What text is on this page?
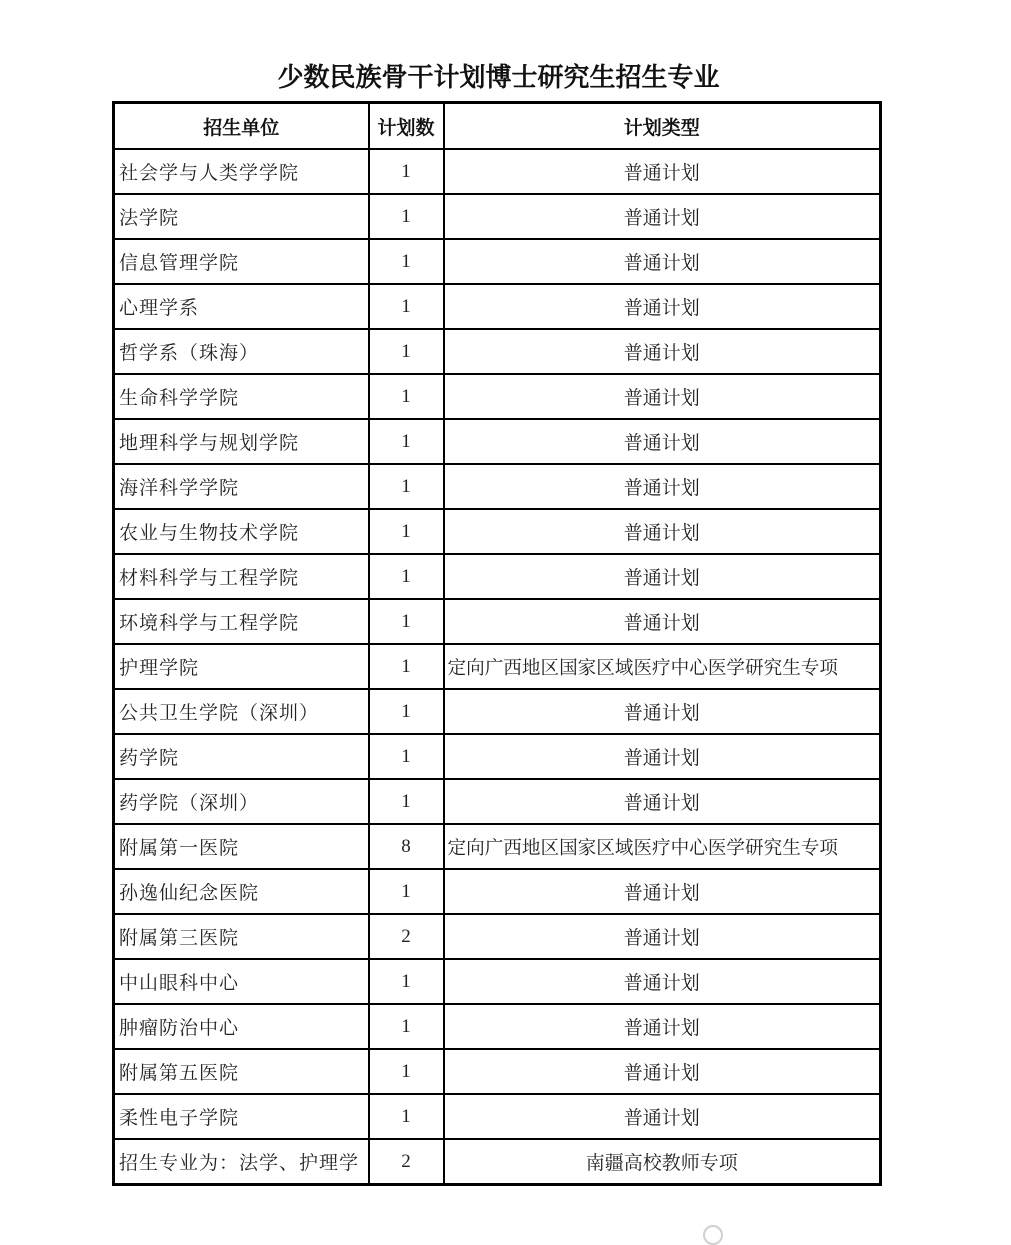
少数民族骨干计划博士研究生招生专业
招生单位	计划数	计划类型
社会学与人类学学院	1	普通计划
法学院	1	普通计划
信息管理学院	1	普通计划
心理学系	1	普通计划
哲学系（珠海）	1	普通计划
生命科学学院	1	普通计划
地理科学与规划学院	1	普通计划
海洋科学学院	1	普通计划
农业与生物技术学院	1	普通计划
材料科学与工程学院	1	普通计划
环境科学与工程学院	1	普通计划
护理学院	1	定向广西地区国家区域医疗中心医学研究生专项
公共卫生学院（深圳）	1	普通计划
药学院	1	普通计划
药学院（深圳）	1	普通计划
附属第一医院	8	定向广西地区国家区域医疗中心医学研究生专项
孙逸仙纪念医院	1	普通计划
附属第三医院	2	普通计划
中山眼科中心	1	普通计划
肿瘤防治中心	1	普通计划
附属第五医院	1	普通计划
柔性电子学院	1	普通计划
招生专业为：法学、护理学	2	南疆高校教师专项
